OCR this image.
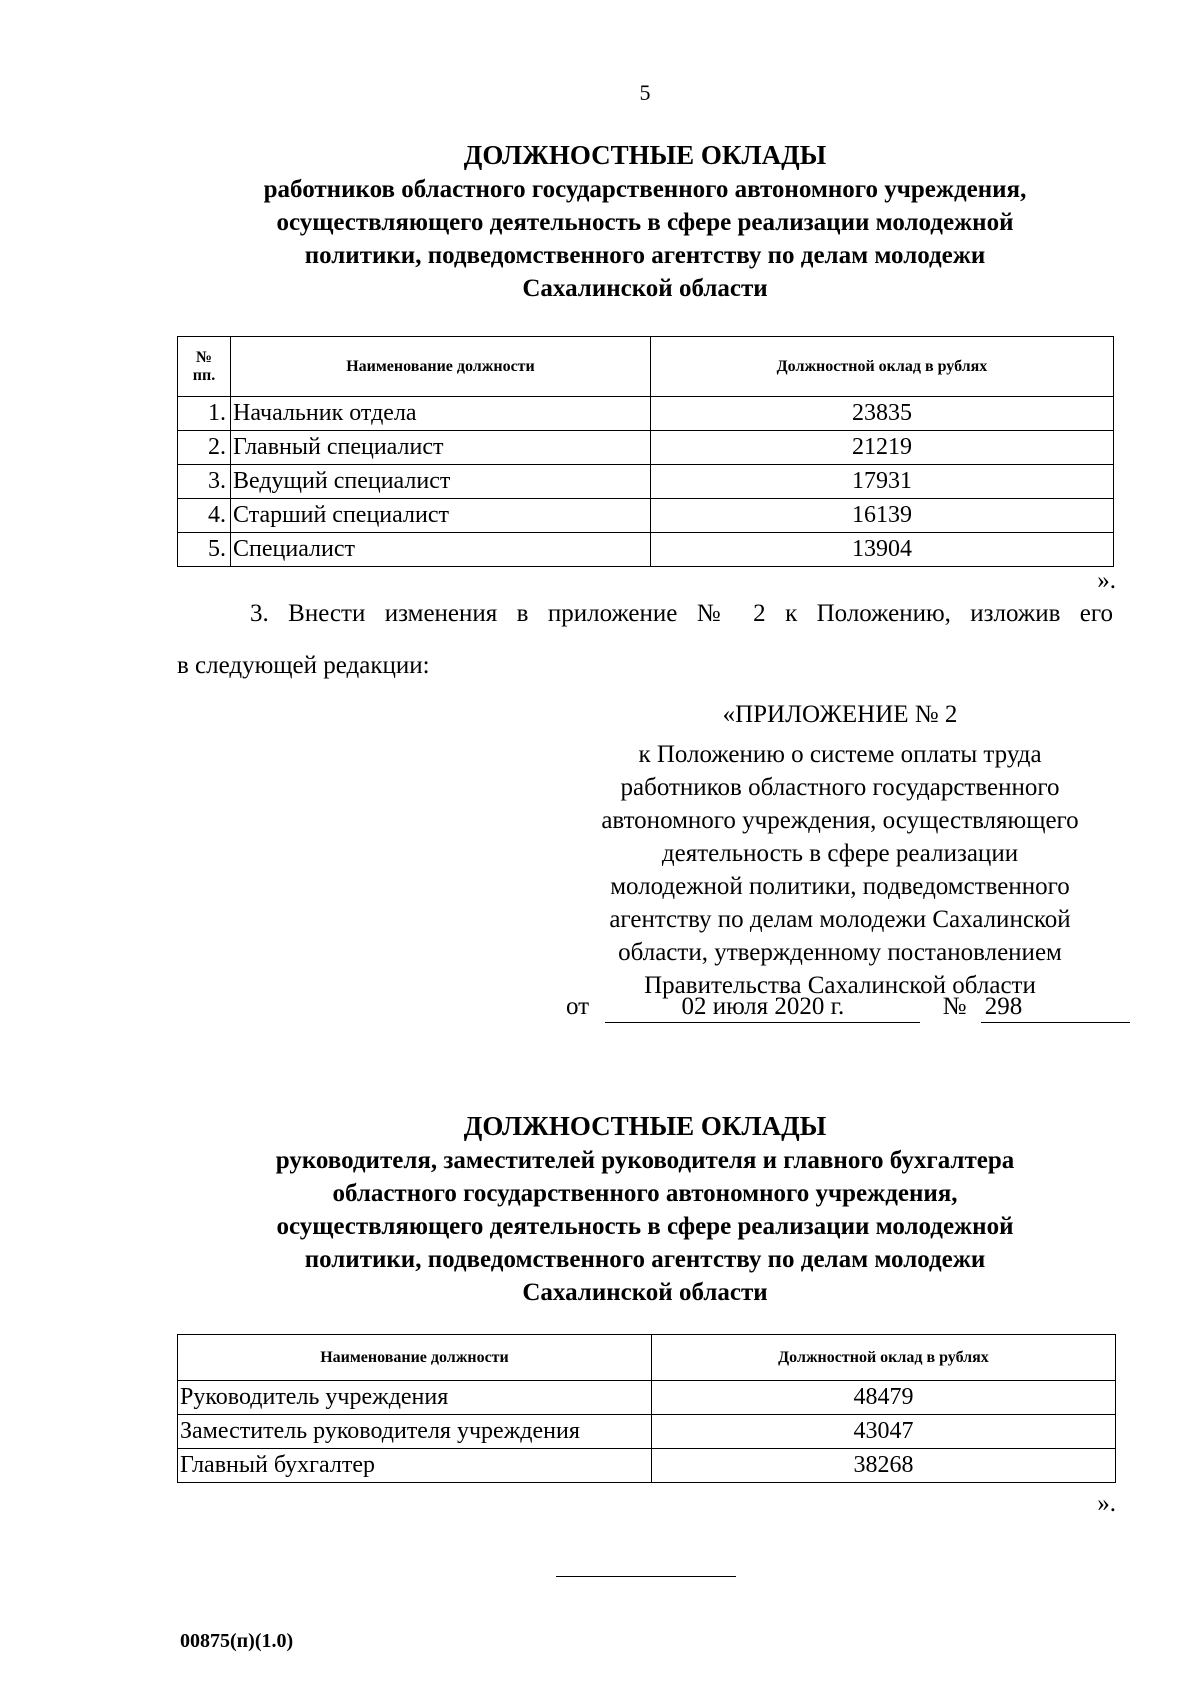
5
ДОЛЖНОСТНЫЕ ОКЛАДЫ
работников областного государственного автономного учреждения,
осуществляющего деятельность в сфере реализации молодежной
политики, подведомственного агентству по делам молодежи
Сахалинской области
№ пп.	Наименование должности	Должностной оклад в рублях
1.	Начальник отдела	23835
2.	Главный специалист	21219
3.	Ведущий специалист	17931
4.	Старший специалист	16139
5.	Специалист	13904
».
3. Внести изменения в приложение № 2 к Положению, изложив его
в следующей редакции:
«ПРИЛОЖЕНИЕ № 2
к Положению о системе оплаты труда
работников областного государственного
автономного учреждения, осуществляющего
деятельность в сфере реализации
молодежной политики, подведомственного
агентству по делам молодежи Сахалинской
области, утвержденному постановлением
Правительства Сахалинской области
от	02 июля 2020 г.	№ 298
ДОЛЖНОСТНЫЕ ОКЛАДЫ
руководителя, заместителей руководителя и главного бухгалтера
областного государственного автономного учреждения,
осуществляющего деятельность в сфере реализации молодежной
политики, подведомственного агентству по делам молодежи
Сахалинской области
Наименование должности	Должностной оклад в рублях
Руководитель учреждения	48479
Заместитель руководителя учреждения	43047
Главный бухгалтер	38268
».
00875(п)(1.0)
